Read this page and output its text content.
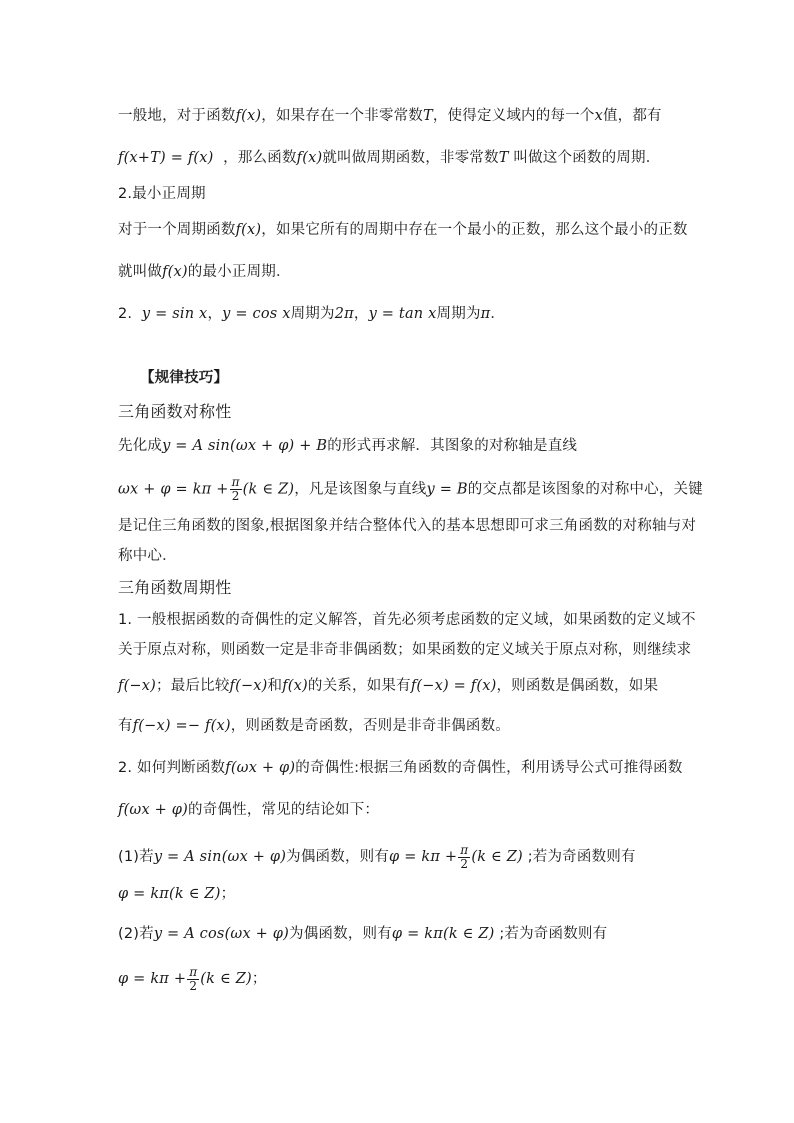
一般地，对于函数f(x)，如果存在一个非零常数T，使得定义域内的每一个x值，都有
f(x+T) = f(x) ，那么函数f(x)就叫做周期函数，非零常数T 叫做这个函数的周期．
2.最小正周期
对于一个周期函数f(x)，如果它所有的周期中存在一个最小的正数，那么这个最小的正数
就叫做f(x)的最小正周期．
2. y = sin x，y = cos x周期为2π，y = tan x周期为π．
【规律技巧】
三角函数对称性
先化成y = A sin(ωx + φ) + B的形式再求解．其图象的对称轴是直线
$\omega x + \varphi = k\pi + \frac{\pi}{2} (k$ ∈ Z)，凡是该图象与直线y = B的交点都是该图象的对称中心，关键
是记住三角函数的图象,根据图象并结合整体代入的基本思想即可求三角函数的对称轴与对
称中心．
三角函数周期性
1. 一般根据函数的奇偶性的定义解答，首先必须考虑函数的定义域，如果函数的定义域不
关于原点对称，则函数一定是非奇非偶函数；如果函数的定义域关于原点对称，则继续求
f(−x)；最后比较f(−x)和f(x)的关系，如果有f(−x) = f(x)，则函数是偶函数，如果
有f(−x) =− f(x)，则函数是奇函数，否则是非奇非偶函数。
2. 如何判断函数f(ωx + φ)的奇偶性:根据三角函数的奇偶性，利用诱导公式可推得函数
f(ωx + φ)的奇偶性，常见的结论如下：
(1)若y = A sin(ωx + φ)为偶函数，则有$\varphi = k\pi + \frac{\pi}{2} (k$ ∈ Z) ;若为奇函数则有
φ = kπ(k ∈ Z)；
(2)若y = A cos(ωx + φ)为偶函数，则有φ = kπ(k ∈ Z) ;若为奇函数则有
$\varphi = k\pi + \frac{\pi}{2} (k$ ∈ Z)；
